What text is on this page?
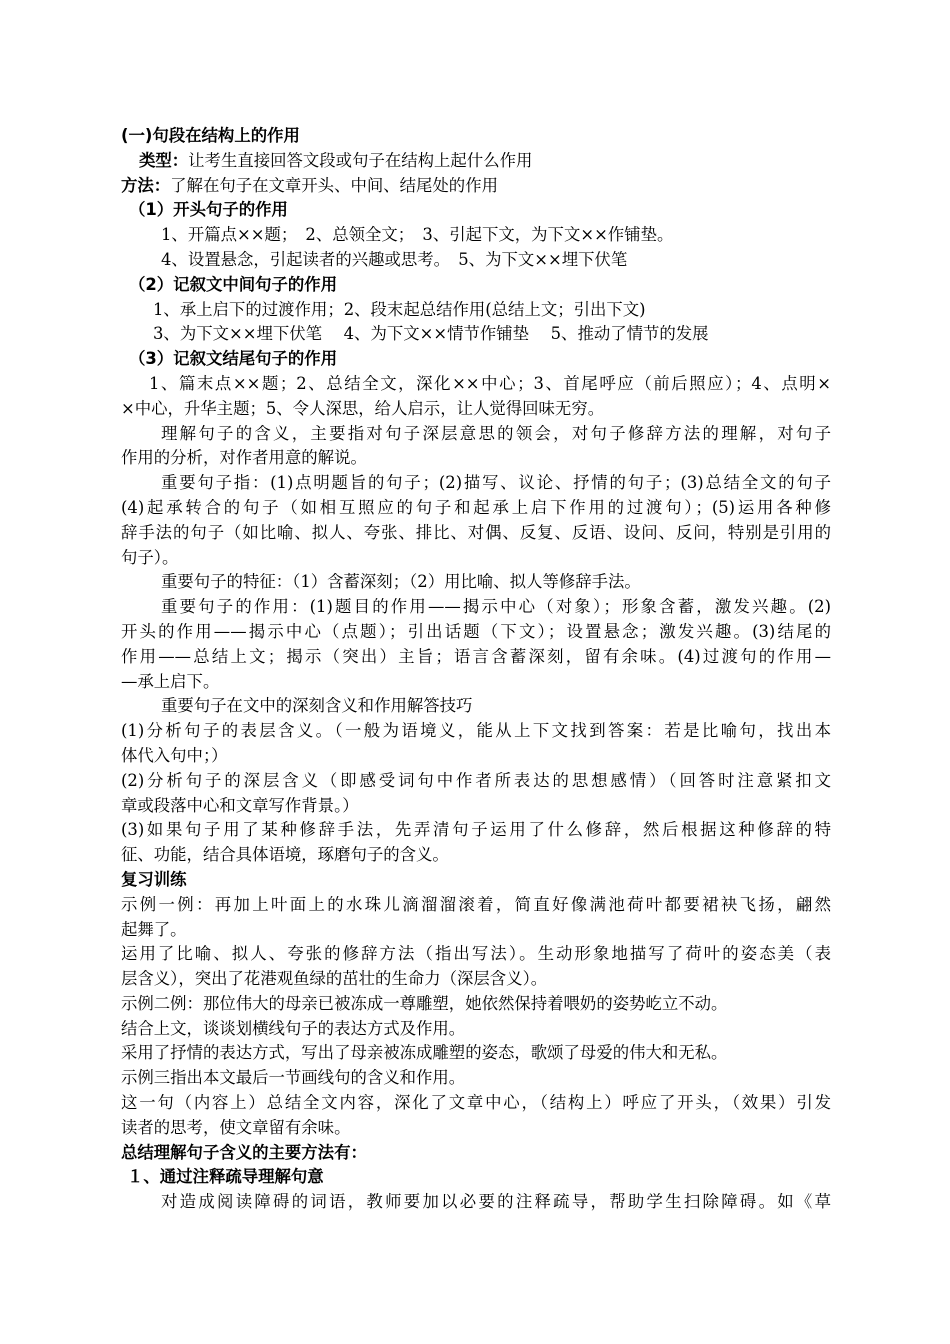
(一)句段在结构上的作用
类型：让考生直接回答文段或句子在结构上起什么作用
方法：了解在句子在文章开头、中间、结尾处的作用
（1）开头句子的作用
1、开篇点××题；　2、总领全文；　3、引起下文，为下文××作铺垫。
4、设置悬念，引起读者的兴趣或思考。　5、为下文××埋下伏笔
（2）记叙文中间句子的作用
1、承上启下的过渡作用；2、段末起总结作用(总结上文；引出下文)
3、为下文××埋下伏笔　 4、为下文××情节作铺垫　 5、推动了情节的发展
（3）记叙文结尾句子的作用
1、篇末点××题；2、总结全文，深化××中心；3、首尾呼应（前后照应）；4、点明×
×中心，升华主题；5、令人深思，给人启示，让人觉得回味无穷。
理解句子的含义，主要指对句子深层意思的领会，对句子修辞方法的理解，对句子
作用的分析，对作者用意的解说。
重要句子指：(1)点明题旨的句子；(2)描写、议论、抒情的句子；(3)总结全文的句子
(4)起承转合的句子（如相互照应的句子和起承上启下作用的过渡句）；(5)运用各种修
辞手法的句子（如比喻、拟人、夸张、排比、对偶、反复、反语、设问、反问，特别是引用的
句子）。
重要句子的特征：（1）含蓄深刻；（2）用比喻、拟人等修辞手法。
重要句子的作用：(1)题目的作用——揭示中心（对象）；形象含蓄，激发兴趣。(2)
开头的作用——揭示中心（点题）；引出话题（下文）；设置悬念；激发兴趣。(3)结尾的
作用——总结上文；揭示（突出）主旨；语言含蓄深刻，留有余味。(4)过渡句的作用—
—承上启下。
重要句子在文中的深刻含义和作用解答技巧
(1)分析句子的表层含义。（一般为语境义，能从上下文找到答案：若是比喻句，找出本
体代入句中；）
(2)分析句子的深层含义（即感受词句中作者所表达的思想感情）（回答时注意紧扣文
章或段落中心和文章写作背景。）
(3)如果句子用了某种修辞手法，先弄清句子运用了什么修辞，然后根据这种修辞的特
征、功能，结合具体语境，琢磨句子的含义。
复习训练
示例一例：再加上叶面上的水珠儿滴溜溜滚着，简直好像满池荷叶都要裙袂飞扬，翩然
起舞了。
运用了比喻、拟人、夸张的修辞方法（指出写法）。生动形象地描写了荷叶的姿态美（表
层含义），突出了花港观鱼绿的茁壮的生命力（深层含义）。
示例二例：那位伟大的母亲已被冻成一尊雕塑，她依然保持着喂奶的姿势屹立不动。
结合上文，谈谈划横线句子的表达方式及作用。
采用了抒情的表达方式，写出了母亲被冻成雕塑的姿态，歌颂了母爱的伟大和无私。
示例三指出本文最后一节画线句的含义和作用。
这一句（内容上）总结全文内容，深化了文章中心，（结构上）呼应了开头，（效果）引发
读者的思考，使文章留有余味。
总结理解句子含义的主要方法有：
１、通过注释疏导理解句意
对造成阅读障碍的词语，教师要加以必要的注释疏导，帮助学生扫除障碍。如《草
